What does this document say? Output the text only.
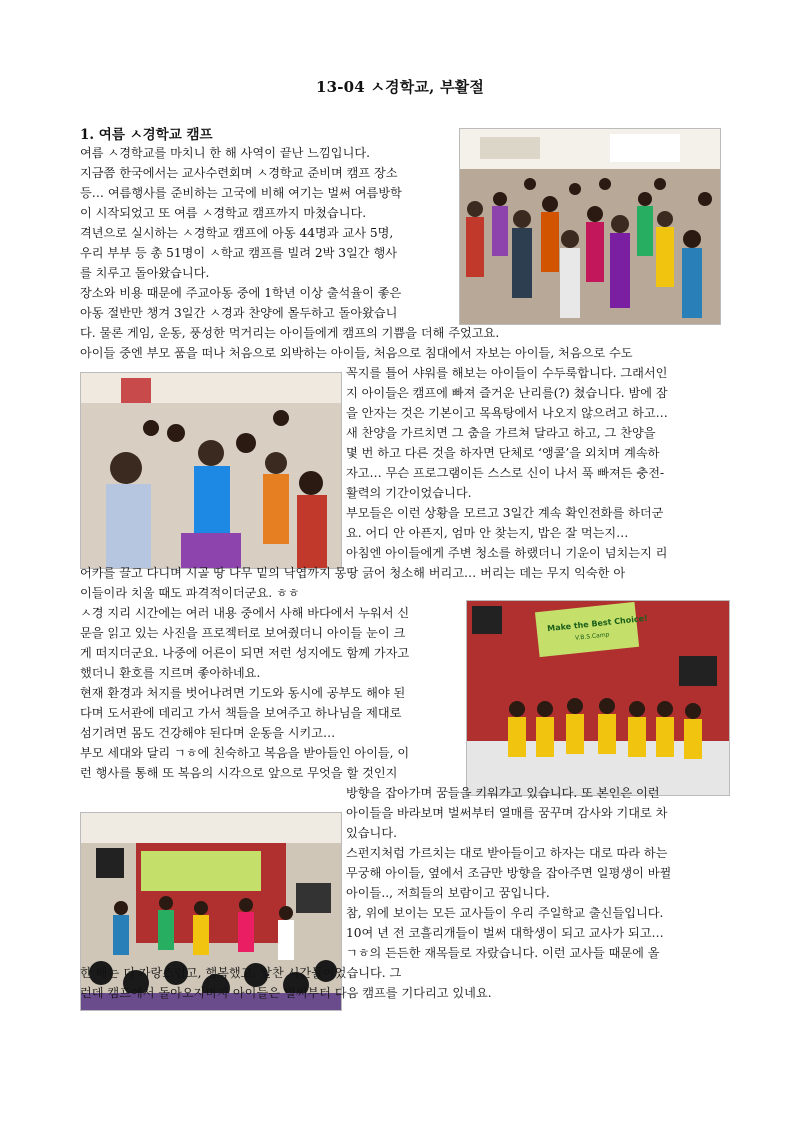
13-04 ㅅ경학교, 부활절
1. 여름 ㅅ경학교 캠프
Make the Best Choice!
V.B.S.Camp
여름 ㅅ경학교를 마치니 한 해 사역이 끝난 느낌입니다.
지금쯤 한국에서는 교사수련회며 ㅅ경학교 준비며 캠프 장소
등… 여름행사를 준비하는 고국에 비해 여기는 벌써 여름방학
이 시작되었고 또 여름 ㅅ경학교 캠프까지 마쳤습니다.
격년으로 실시하는 ㅅ경학교 캠프에 아동 44명과 교사 5명,
우리 부부 등 총 51명이 ㅅ학교 캠프를 빌려 2박 3일간 행사
를 치루고 돌아왔습니다.
장소와 비용 때문에 주교아동 중에 1학년 이상 출석율이 좋은
아동 절반만 챙겨 3일간 ㅅ경과 찬양에 몰두하고 돌아왔습니
다. 물론 게임, 운동, 풍성한 먹거리는 아이들에게 캠프의 기쁨을 더해 주었고요.
아이들 중엔 부모 품을 떠나 처음으로 외박하는 아이들, 처음으로 침대에서 자보는 아이들, 처음으로 수도
꼭지를 틀어 샤워를 해보는 아이들이 수두룩합니다. 그래서인
지 아이들은 캠프에 빠져 즐거운 난리를(?) 쳤습니다. 밤에 잠
을 안자는 것은 기본이고 목욕탕에서 나오지 않으려고 하고…
새 찬양을 가르치면 그 춤을 가르쳐 달라고 하고, 그 찬양을
몇 번 하고 다른 것을 하자면 단체로 ‘앵콜’을 외치며 계속하
자고… 무슨 프로그램이든 스스로 신이 나서 푹 빠져든 충전-
활력의 기간이었습니다.
부모들은 이런 상황을 모르고 3일간 계속 확인전화를 하더군
요. 어디 안 아픈지, 엄마 안 찾는지, 밥은 잘 먹는지…
아침엔 아이들에게 주변 청소를 하랬더니 기운이 넘치는지 리
어카를 끌고 다니며 시골 땅 나무 밑의 낙엽까지 몽땅 긁어 청소해 버리고… 버리는 데는 무지 익숙한 아
이들이라 치울 때도 파격적이더군요. ㅎㅎ
ㅅ경 지리 시간에는 여러 내용 중에서 사해 바다에서 누워서 신
문을 읽고 있는 사진을 프로젝터로 보여줬더니 아이들 눈이 크
게 떠지더군요. 나중에 어른이 되면 저런 성지에도 함께 가자고
했더니 환호를 지르며 좋아하네요.
현재 환경과 처지를 벗어나려면 기도와 동시에 공부도 해야 된
다며 도서관에 데리고 가서 책들을 보여주고 하나님을 제대로
섬기려면 몸도 건강해야 된다며 운동을 시키고…
부모 세대와 달리 ㄱㅎ에 친숙하고 복음을 받아들인 아이들, 이
런 행사를 통해 또 복음의 시각으로 앞으로 무엇을 할 것인지
방향을 잡아가며 꿈들을 키워가고 있습니다. 또 본인은 이런
아이들을 바라보며 벌써부터 열매를 꿈꾸며 감사와 기대로 차
있습니다.
스펀지처럼 가르치는 대로 받아들이고 하자는 대로 따라 하는
무궁해 아이들, 옆에서 조금만 방향을 잡아주면 일평생이 바뀔
아이들.., 저희들의 보람이고 꿈입니다.
참, 위에 보이는 모든 교사들이 우리 주일학교 출신들입니다.
10여 년 전 코흘리개들이 벌써 대학생이 되고 교사가 되고…
ㄱㅎ의 든든한 재목들로 자랐습니다. 이런 교사들 때문에 올
한 해는 더 자랑스럽고, 행복했고, 알찬 시간들이었습니다. 그
런데 캠프에서 돌아오자마자 아이들은 벌써부터 다음 캠프를 기다리고 있네요.
